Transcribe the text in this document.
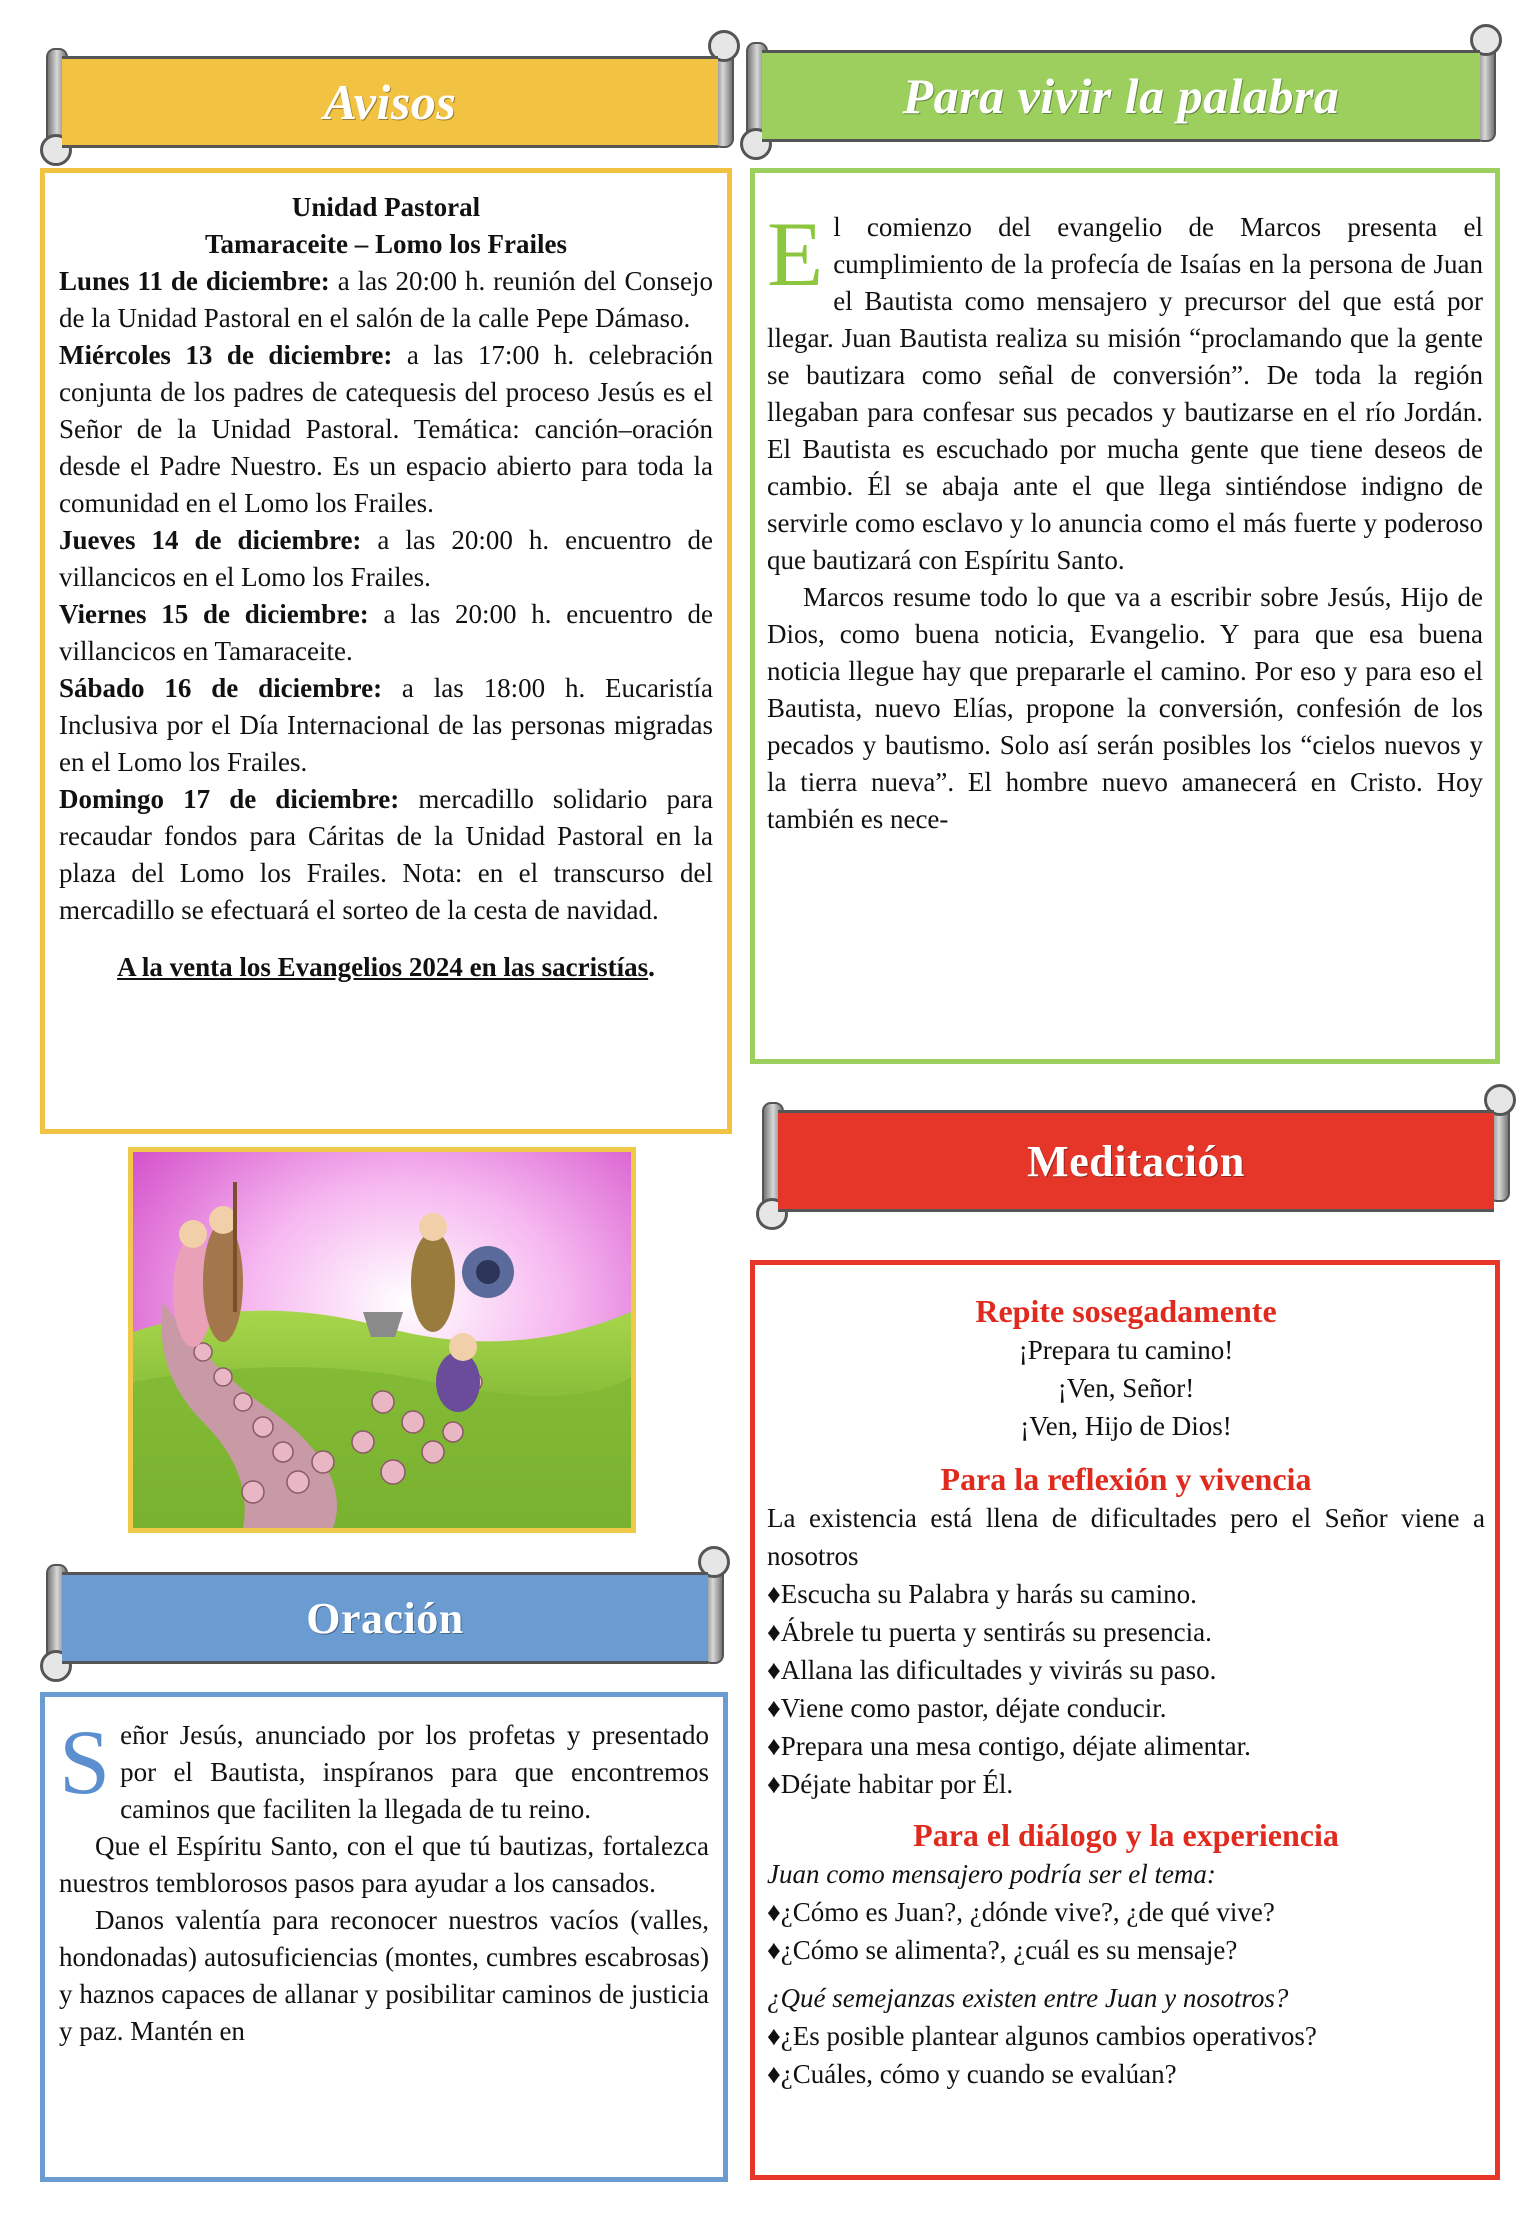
Avisos

Unidad Pastoral

Tamaraceite – Lomo los Frailes

Lunes 11 de diciembre: a las 20:00 h. reunión del Consejo de la Unidad Pastoral en el salón de la calle Pepe Dámaso.

Miércoles 13 de diciembre: a las 17:00 h. celebración conjunta de los padres de catequesis del proceso Jesús es el Señor de la Unidad Pastoral. Temática: canción–oración desde el Padre Nuestro. Es un espacio abierto para toda la comunidad en el Lomo los Frailes.

Jueves 14 de diciembre: a las 20:00 h. encuentro de villancicos en el Lomo los Frailes.

Viernes 15 de diciembre: a las 20:00 h. encuentro de villancicos en Tamaraceite.

Sábado 16 de diciembre: a las 18:00 h. Eucaristía Inclusiva por el Día Internacional de las personas migradas en el Lomo los Frailes.

Domingo 17 de diciembre: mercadillo solidario para recaudar fondos para Cáritas de la Unidad Pastoral en la plaza del Lomo los Frailes. Nota: en el transcurso del mercadillo se efectuará el sorteo de la cesta de navidad.

A la venta los Evangelios 2024 en las sacristías.

Para vivir la palabra

El comienzo del evangelio de Marcos presenta el cumplimiento de la profecía de Isaías en la persona de Juan el Bautista como mensajero y precursor del que está por llegar. Juan Bautista realiza su misión “proclamando que la gente se bautizara como señal de conversión”. De toda la región llegaban para confesar sus pecados y bautizarse en el río Jordán. El Bautista es escuchado por mucha gente que tiene deseos de cambio. Él se abaja ante el que llega sintiéndose indigno de servirle como esclavo y lo anuncia como el más fuerte y poderoso que bautizará con Espíritu Santo.

Marcos resume todo lo que va a escribir sobre Jesús, Hijo de Dios, como buena noticia, Evangelio. Y para que esa buena noticia llegue hay que prepararle el camino. Por eso y para eso el Bautista, nuevo Elías, propone la conversión, confesión de los pecados y bautismo. Solo así serán posibles los “cielos nuevos y la tierra nueva”. El hombre nuevo amanecerá en Cristo. Hoy también es nece-

Meditación
Repite sosegadamente

¡Prepara tu camino!

¡Ven, Señor!

¡Ven, Hijo de Dios!

Para la reflexión y vivencia

La existencia está llena de dificultades pero el Señor viene a nosotros

♦Escucha su Palabra y harás su camino.

♦Ábrele tu puerta y sentirás su presencia.

♦Allana las dificultades y vivirás su paso.

♦Viene como pastor, déjate conducir.

♦Prepara una mesa contigo, déjate alimentar.

♦Déjate habitar por Él.

Para el diálogo y la experiencia

Juan como mensajero podría ser el tema:

♦¿Cómo es Juan?, ¿dónde vive?, ¿de qué vive?

♦¿Cómo se alimenta?, ¿cuál es su mensaje?

¿Qué semejanzas existen entre Juan y nosotros?

♦¿Es posible plantear algunos cambios operativos?

♦¿Cuáles, cómo y cuando se evalúan?

Oración

Señor Jesús, anunciado por los profetas y presentado por el Bautista, inspíranos para que encontremos caminos que faciliten la llegada de tu reino.

Que el Espíritu Santo, con el que tú bautizas, fortalezca nuestros temblorosos pasos para ayudar a los cansados.

Danos valentía para reconocer nuestros vacíos (valles, hondonadas) autosuficiencias (montes, cumbres escabrosas) y haznos capaces de allanar y posibilitar caminos de justicia y paz. Mantén en
